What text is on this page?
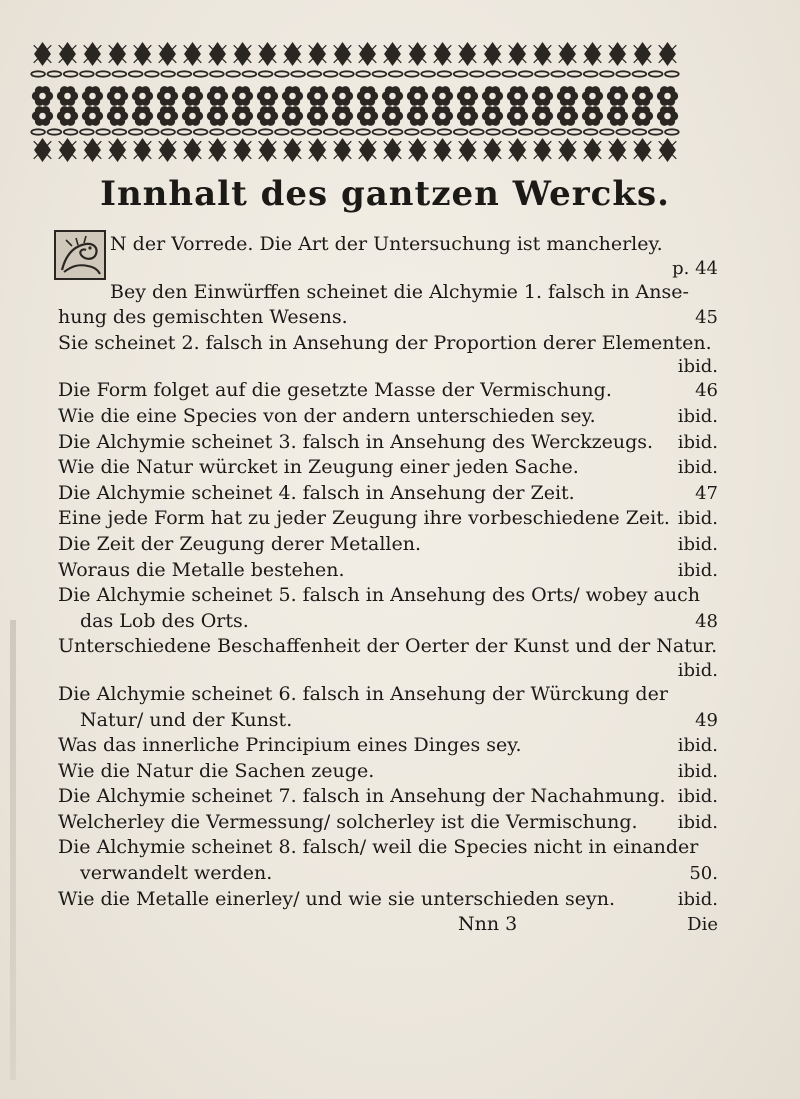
Innhalt des gantzen Wercks.
N der Vorrede. Die Art der Untersuchung ist mancherley.
p. 44
Bey den Einwürffen scheinet die Alchymie 1. falsch in Anse-
hung des gemischten Wesens.	45
Sie scheinet 2. falsch in Ansehung der Proportion derer Elementen.
ibid.
Die Form folget auf die gesetzte Masse der Vermischung.	46
Wie die eine Species von der andern unterschieden sey.	ibid.
Die Alchymie scheinet 3. falsch in Ansehung des Werckzeugs. ibid.
Wie die Natur würcket in Zeugung einer jeden Sache.	ibid.
Die Alchymie scheinet 4. falsch in Ansehung der Zeit.	47
Eine jede Form hat zu jeder Zeugung ihre vorbeschiedene Zeit. ibid.
Die Zeit der Zeugung derer Metallen.	ibid.
Woraus die Metalle bestehen.	ibid.
Die Alchymie scheinet 5. falsch in Ansehung des Orts/ wobey auch
das Lob des Orts.	48
Unterschiedene Beschaffenheit der Oerter der Kunst und der Natur.
ibid.
Die Alchymie scheinet 6. falsch in Ansehung der Würckung der
Natur/ und der Kunst.	49
Was das innerliche Principium eines Dinges sey.	ibid.
Wie die Natur die Sachen zeuge.	ibid.
Die Alchymie scheinet 7. falsch in Ansehung der Nachahmung. ibid.
Welcherley die Vermessung/ solcherley ist die Vermischung. ibid.
Die Alchymie scheinet 8. falsch/ weil die Species nicht in einander
verwandelt werden.	50.
Wie die Metalle einerley/ und wie sie unterschieden seyn.	ibid.
Nnn 3	Die
